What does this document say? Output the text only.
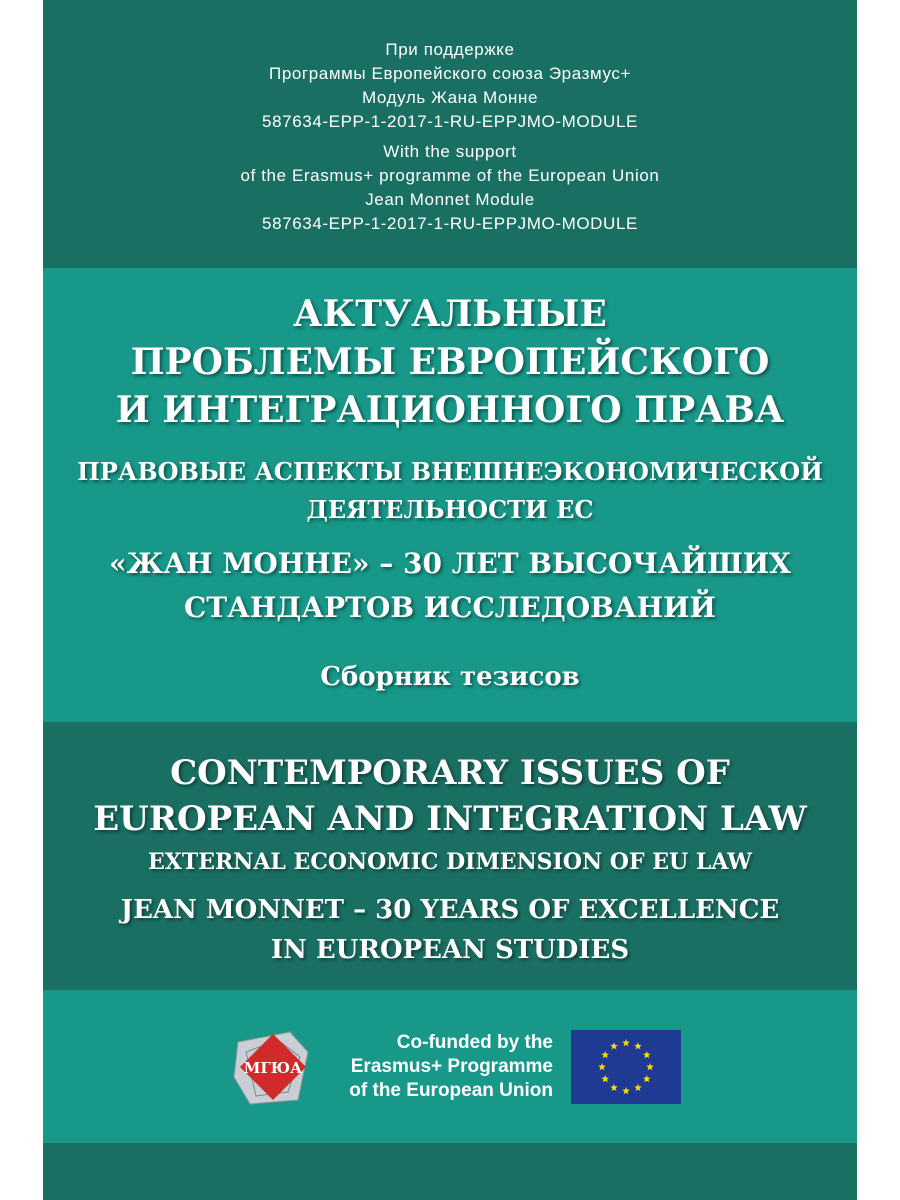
При поддержке

Программы Европейского союза Эразмус+

Модуль Жана Монне

587634-EPP-1-2017-1-RU-EPPJMO-MODULE

With the support

of the Erasmus+ programme of the European Union

Jean Monnet Module

587634-EPP-1-2017-1-RU-EPPJMO-MODULE

АКТУАЛЬНЫЕ
ПРОБЛЕМЫ ЕВРОПЕЙСКОГО
И ИНТЕГРАЦИОННОГО ПРАВА
ПРАВОВЫЕ АСПЕКТЫ ВНЕШНЕЭКОНОМИЧЕСКОЙ
ДЕЯТЕЛЬНОСТИ ЕС
«ЖАН МОННЕ» – 30 ЛЕТ ВЫСОЧАЙШИХ
СТАНДАРТОВ ИССЛЕДОВАНИЙ
Сборник тезисов
CONTEMPORARY ISSUES OF
EUROPEAN AND INTEGRATION LAW
EXTERNAL ECONOMIC DIMENSION OF EU LAW
JEAN MONNET – 30 YEARS OF EXCELLENCE
IN EUROPEAN STUDIES
МГЮА
Co-funded by the
Erasmus+ Programme
of the European Union
